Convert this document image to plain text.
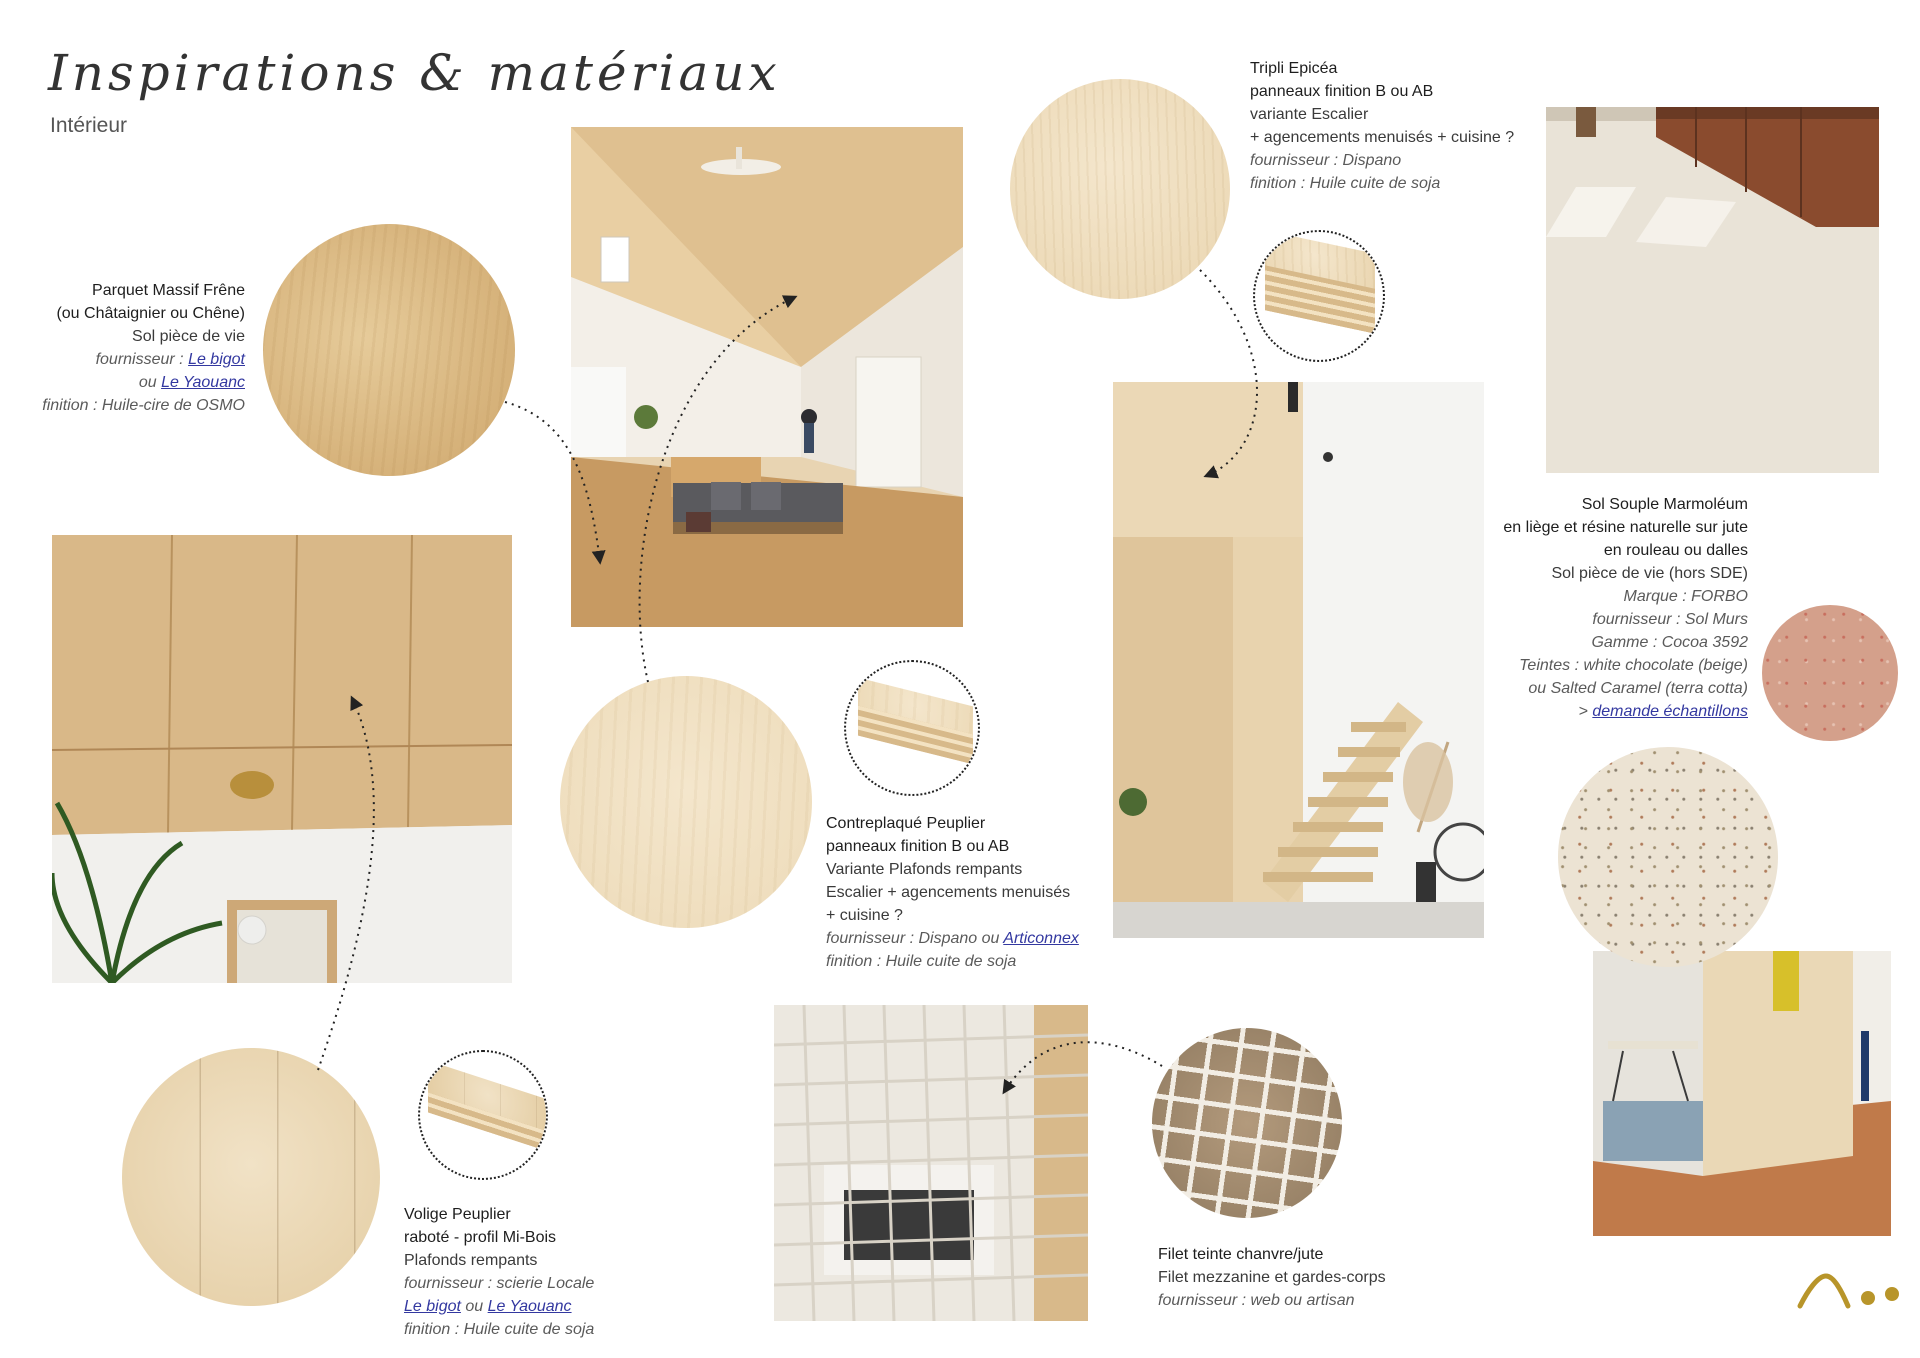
Inspirations & matériaux
Intérieur
Parquet Massif Frêne
(ou Châtaignier ou Chêne)
Sol pièce de vie
fournisseur : Le bigot
ou Le Yaouanc
finition : Huile-cire de OSMO
Tripli Epicéa
panneaux finition B ou AB
variante Escalier
+ agencements menuisés + cuisine ?
fournisseur : Dispano
finition : Huile cuite de soja
Contreplaqué Peuplier
panneaux finition B ou AB
Variante Plafonds rempants
Escalier + agencements menuisés
+ cuisine ?
fournisseur : Dispano ou Articonnex
finition : Huile cuite de soja
Sol Souple Marmoléum
en liège et résine naturelle sur jute
en rouleau ou dalles
Sol pièce de vie (hors SDE)
Marque : FORBO
fournisseur : Sol Murs
Gamme : Cocoa 3592
Teintes : white chocolate (beige)
ou Salted Caramel (terra cotta)
> demande échantillons
Volige Peuplier
raboté - profil Mi-Bois
Plafonds rempants
fournisseur : scierie Locale
Le bigot ou Le Yaouanc
finition : Huile cuite de soja
Filet teinte chanvre/jute
Filet mezzanine et gardes-corps
fournisseur : web ou artisan
